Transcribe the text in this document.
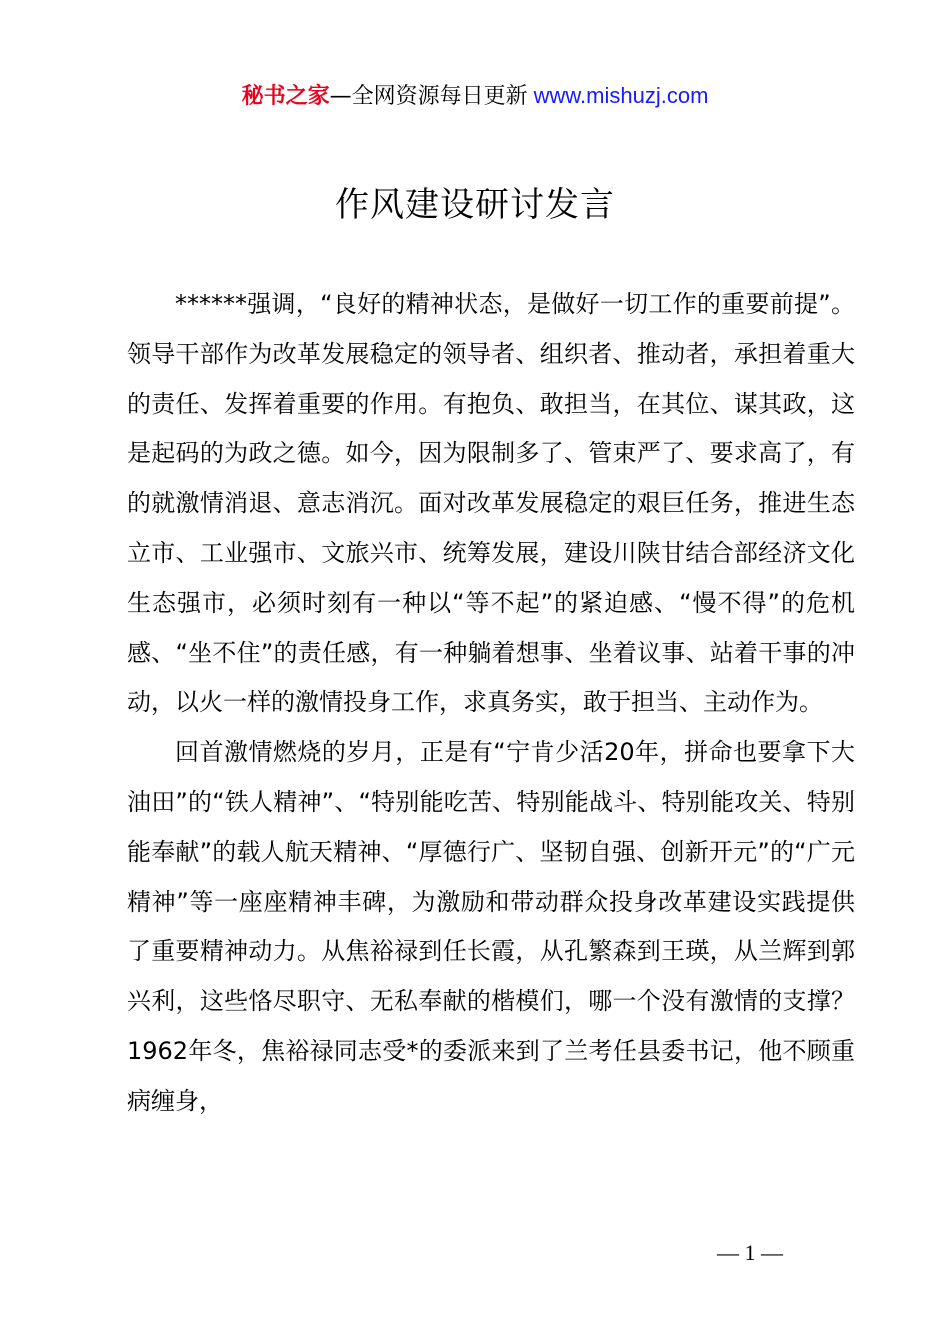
秘书之家—全网资源每日更新 www.mishuzj.com
作风建设研讨发言

******强调，“良好的精神状态，是做好一切工作的重要前提”。领导干部作为改革发展稳定的领导者、组织者、推动者，承担着重大的责任、发挥着重要的作用。有抱负、敢担当，在其位、谋其政，这是起码的为政之德。如今，因为限制多了、管束严了、要求高了，有的就激情消退、意志消沉。面对改革发展稳定的艰巨任务，推进生态立市、工业强市、文旅兴市、统筹发展，建设川陕甘结合部经济文化生态强市，必须时刻有一种以“等不起”的紧迫感、“慢不得”的危机感、“坐不住”的责任感，有一种躺着想事、坐着议事、站着干事的冲动，以火一样的激情投身工作，求真务实，敢于担当、主动作为。

回首激情燃烧的岁月，正是有“宁肯少活20年，拼命也要拿下大油田”的“铁人精神”、“特别能吃苦、特别能战斗、特别能攻关、特别能奉献”的载人航天精神、“厚德行广、坚韧自强、创新开元”的“广元精神”等一座座精神丰碑，为激励和带动群众投身改革建设实践提供了重要精神动力。从焦裕禄到任长霞，从孔繁森到王瑛，从兰辉到郭兴利，这些恪尽职守、无私奉献的楷模们，哪一个没有激情的支撑？1962年冬，焦裕禄同志受*的委派来到了兰考任县委书记，他不顾重病缠身，

— 1 —
